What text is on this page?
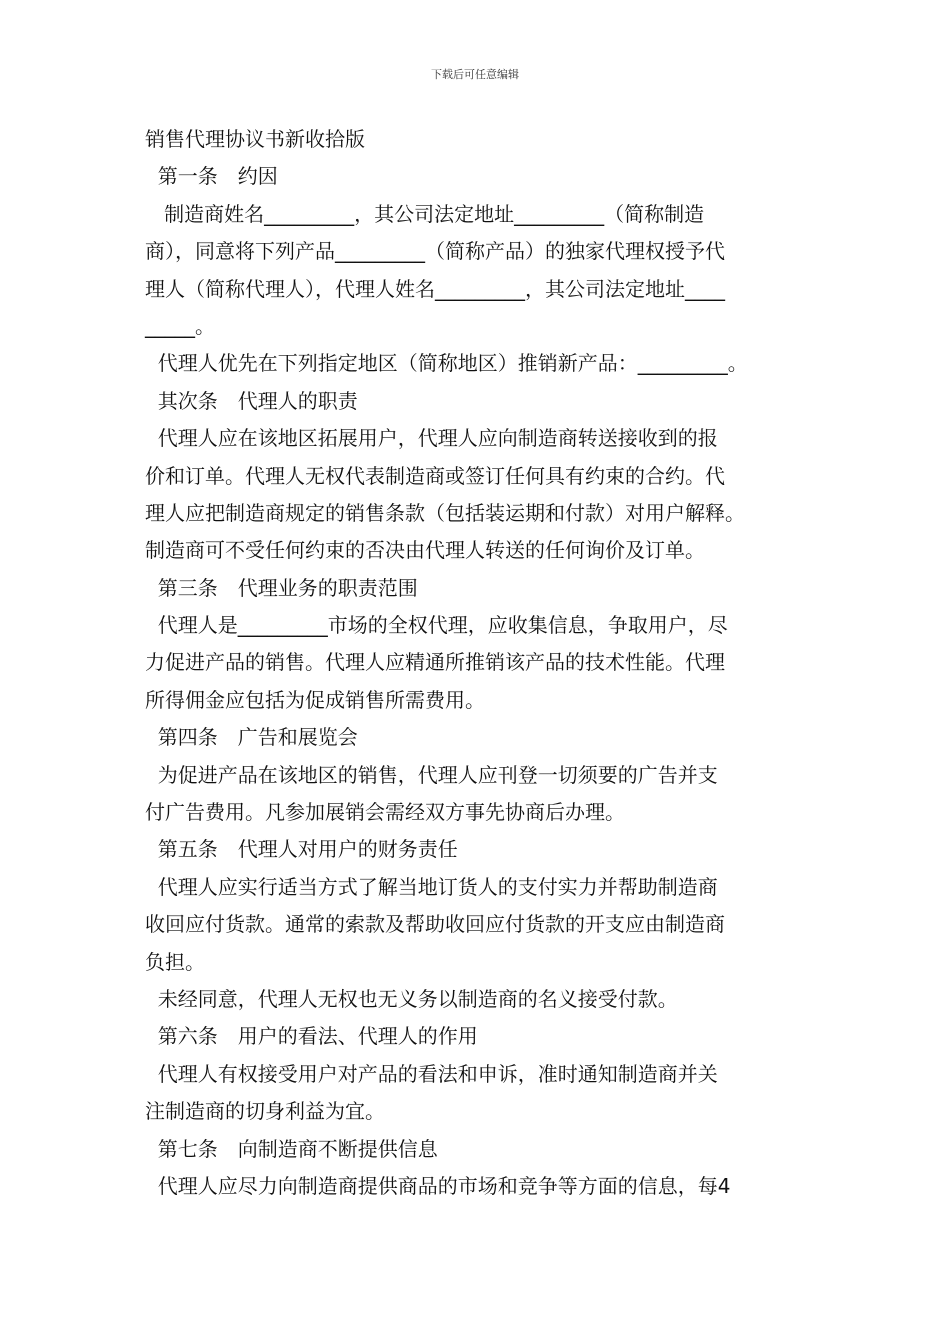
下载后可任意编辑
销售代理协议书新收拾版
第一条　约因
制造商姓名_________，其公司法定地址_________（简称制造
商），同意将下列产品_________（简称产品）的独家代理权授予代
理人（简称代理人），代理人姓名_________，其公司法定地址____
_____。
代理人优先在下列指定地区（简称地区）推销新产品：_________。
其次条　代理人的职责
代理人应在该地区拓展用户，代理人应向制造商转送接收到的报
价和订单。代理人无权代表制造商或签订任何具有约束的合约。代
理人应把制造商规定的销售条款（包括装运期和付款）对用户解释。
制造商可不受任何约束的否决由代理人转送的任何询价及订单。
第三条　代理业务的职责范围
代理人是_________市场的全权代理，应收集信息，争取用户，尽
力促进产品的销售。代理人应精通所推销该产品的技术性能。代理
所得佣金应包括为促成销售所需费用。
第四条　广告和展览会
为促进产品在该地区的销售，代理人应刊登一切须要的广告并支
付广告费用。凡参加展销会需经双方事先协商后办理。
第五条　代理人对用户的财务责任
代理人应实行适当方式了解当地订货人的支付实力并帮助制造商
收回应付货款。通常的索款及帮助收回应付货款的开支应由制造商
负担。
未经同意，代理人无权也无义务以制造商的名义接受付款。
第六条　用户的看法、代理人的作用
代理人有权接受用户对产品的看法和申诉，准时通知制造商并关
注制造商的切身利益为宜。
第七条　向制造商不断提供信息
代理人应尽力向制造商提供商品的市场和竞争等方面的信息，每4
